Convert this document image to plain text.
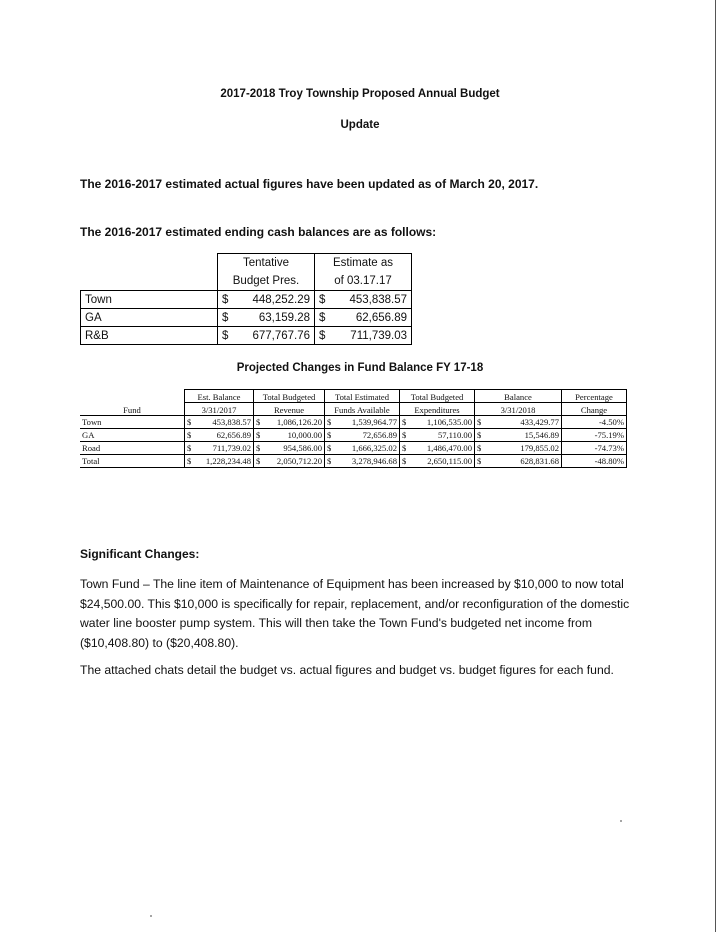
2017-2018 Troy Township Proposed Annual Budget
Update
The 2016-2017 estimated actual figures have been updated as of March 20, 2017.
The 2016-2017 estimated ending cash balances are as follows:
	Tentative	Estimate as
	Budget Pres.	of 03.17.17
Town	$ 448,252.29	$ 453,838.57

GA	$ 63,159.28	$ 62,656.89

R&B	$ 677,767.76	$ 711,739.03
Projected Changes in Fund Balance FY 17-18
	Est. Balance	Total Budgeted	Total Estimated	Total Budgeted	Balance	Percentage
Fund	3/31/2017	Revenue	Funds Available	Expenditures	3/31/2018	Change
Town	$ 453,838.57	$ 1,086,126.20	$ 1,539,964.77	$ 1,106,535.00	$ 433,429.77	-4.50%
GA	$ 62,656.89	$ 10,000.00	$ 72,656.89	$ 57,110.00	$ 15,546.89	-75.19%
Road	$ 711,739.02	$ 954,586.00	$ 1,666,325.02	$ 1,486,470.00	$ 179,855.02	-74.73%
Total	$ 1,228,234.48	$ 2,050,712.20	$ 3,278,946.68	$ 2,650,115.00	$ 628,831.68	-48.80%
Significant Changes:
Town Fund – The line item of Maintenance of Equipment has been increased by $10,000 to now total $24,500.00. This $10,000 is specifically for repair, replacement, and/or reconfiguration of the domestic water line booster pump system. This will then take the Town Fund's budgeted net income from ($10,408.80) to ($20,408.80).
The attached chats detail the budget vs. actual figures and budget vs. budget figures for each fund.
